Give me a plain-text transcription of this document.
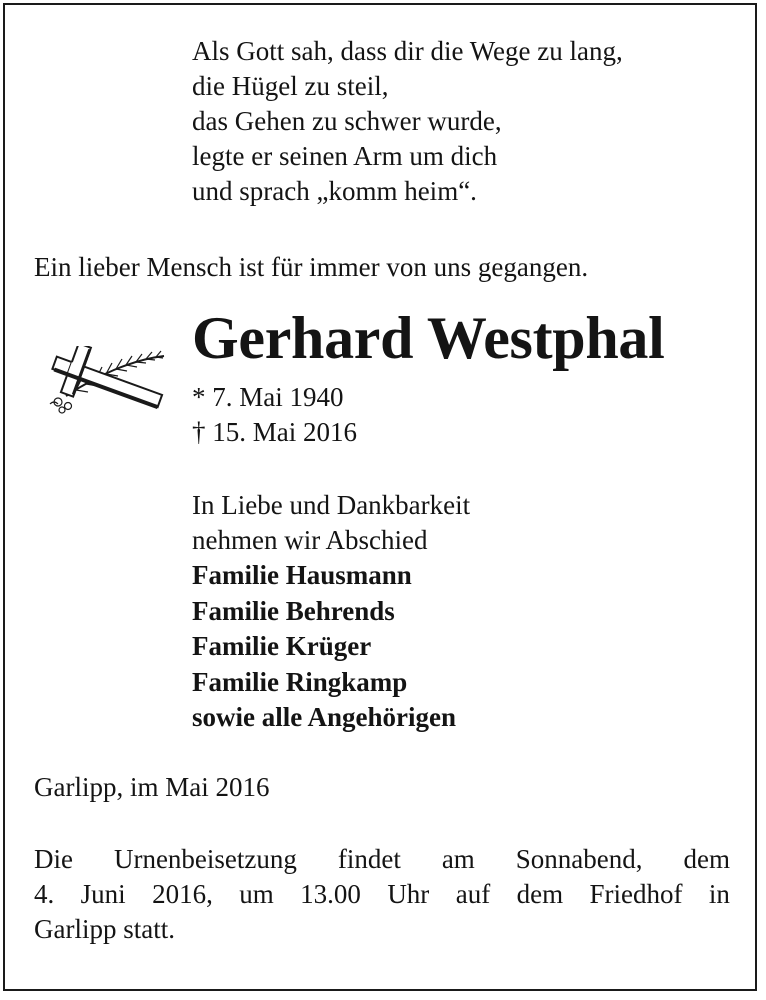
Als Gott sah, dass dir die Wege zu lang,
die Hügel zu steil,
das Gehen zu schwer wurde,
legte er seinen Arm um dich
und sprach „komm heim“.
Ein lieber Mensch ist für immer von uns gegangen.
Gerhard Westphal
* 7. Mai 1940
† 15. Mai 2016
In Liebe und Dankbarkeit
nehmen wir Abschied
Familie Hausmann
Familie Behrends
Familie Krüger
Familie Ringkamp
sowie alle Angehörigen
Garlipp, im Mai 2016
Die Urnenbeisetzung findet am Sonnabend, dem
4. Juni 2016, um 13.00 Uhr auf dem Friedhof in
Garlipp statt.
